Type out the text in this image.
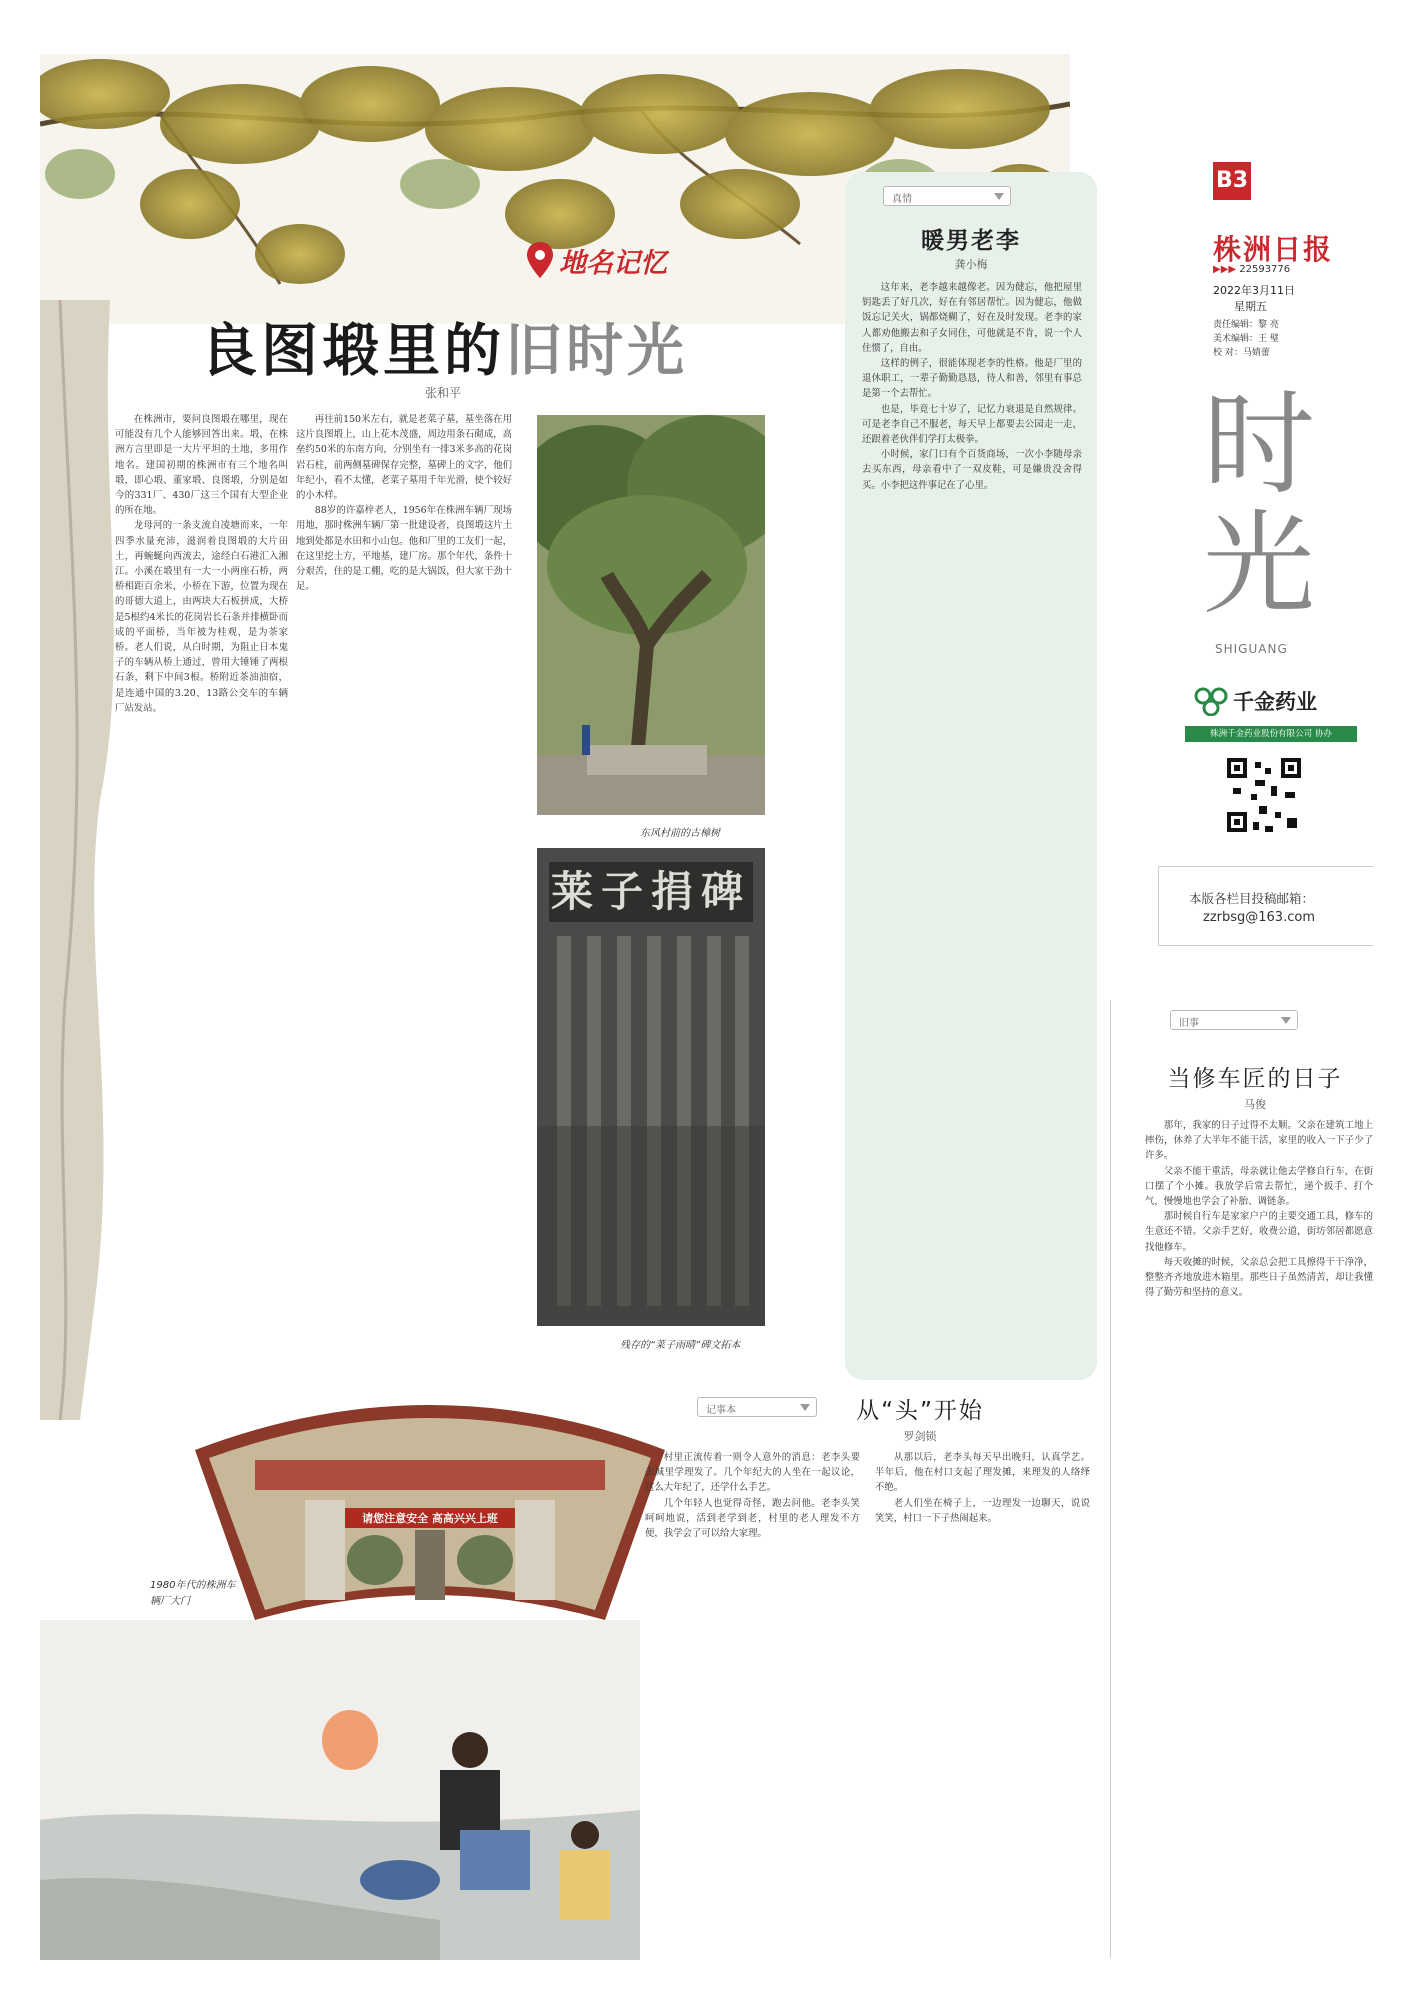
地名记忆
良图塅里的旧时光
张和平

在株洲市，要问良图塅在哪里，现在可能没有几个人能够回答出来。塅，在株洲方言里即是一大片平坦的土地，多用作地名。建国初期的株洲市有三个地名叫塅，即心塅、董家塅、良图塅，分别是如今的331厂、430厂这三个国有大型企业的所在地。

龙母河的一条支流自凌塘而来，一年四季水量充沛，滋润着良图塅的大片田土，再蜿蜒向西流去，途经白石港汇入湘江。小溪在塅里有一大一小两座石桥，两桥相距百余米，小桥在下游，位置为现在的哥德大道上，由两块大石板拼成，大桥是5根约4米长的花岗岩长石条并排横卧而成的平面桥，当年被为桂观，是为茶家桥。老人们说，从白时期，为阻止日本鬼子的车辆从桥上通过，曾用大锤锤了两根石条，剩下中间3根。桥附近茶油油宿，是连通中国的3.20、13路公交车的车辆厂站发站。

再往前150米左右，就是老菜子墓，墓坐落在用这片良图塅上，山上花木茂盛，周边用条石砌成，高垒约50米的东南方向，分别坐有一排3米多高的花岗岩石柱，前两侧墓碑保存完整，墓碑上的文字，他们年纪小，看不太懂，老菜子墓用千年光滑，使个较好的小木样。

88岁的许嘉梓老人，1956年在株洲车辆厂现场用地，那时株洲车辆厂第一批建设者，良图塅这片土地到处都是水田和小山包。他和厂里的工友们一起，在这里挖土方，平地基，建厂房。那个年代，条件十分艰苦，住的是工棚，吃的是大锅饭，但大家干劲十足。

东风村前的古樟树
碑捐子莱
残存的“莱子雨晴”碑文拓本
请您注意安全 高高兴兴上班
1980年代的株洲车辆厂大门
B3
株洲日报
▶▶▶ 22593776
2022年3月11日
星期五
责任编辑：黎 亮
美术编辑：王 璧
校 对：马婧蕾
时
光
SHIGUANG
千金药业
株洲千金药业股份有限公司 协办
本版各栏目投稿邮箱：
zzrbsg@163.com
真情
暖男老李
龚小梅

这年来，老李越来越像老。因为健忘，他把屋里钥匙丢了好几次，好在有邻居帮忙。因为健忘，他做饭忘记关火，锅都烧糊了，好在及时发现。老李的家人都劝他搬去和子女同住，可他就是不肯，说一个人住惯了，自由。

这样的例子，很能体现老李的性格。他是厂里的退休职工，一辈子勤勤恳恳，待人和善，邻里有事总是第一个去帮忙。

也是，毕竟七十岁了，记忆力衰退是自然规律。可是老李自己不服老，每天早上都要去公园走一走，还跟着老伙伴们学打太极拳。

小时候，家门口有个百货商场，一次小李随母亲去买东西，母亲看中了一双皮鞋，可是嫌贵没舍得买。小李把这件事记在了心里。

旧事
当修车匠的日子
马俊

那年，我家的日子过得不太顺。父亲在建筑工地上摔伤，休养了大半年不能干活，家里的收入一下子少了许多。

父亲不能干重活，母亲就让他去学修自行车，在街口摆了个小摊。我放学后常去帮忙，递个扳手、打个气，慢慢地也学会了补胎、调链条。

那时候自行车是家家户户的主要交通工具，修车的生意还不错。父亲手艺好，收费公道，街坊邻居都愿意找他修车。

每天收摊的时候，父亲总会把工具擦得干干净净，整整齐齐地放进木箱里。那些日子虽然清苦，却让我懂得了勤劳和坚持的意义。

记事本	从“头”开始
罗剑锁

村里正流传着一则令人意外的消息：老李头要去城里学理发了。几个年纪大的人坐在一起议论，这么大年纪了，还学什么手艺。

几个年轻人也觉得奇怪，跑去问他。老李头笑呵呵地说，活到老学到老，村里的老人理发不方便，我学会了可以给大家理。

从那以后，老李头每天早出晚归，认真学艺。半年后，他在村口支起了理发摊，来理发的人络绎不绝。

老人们坐在椅子上，一边理发一边聊天，说说笑笑，村口一下子热闹起来。
